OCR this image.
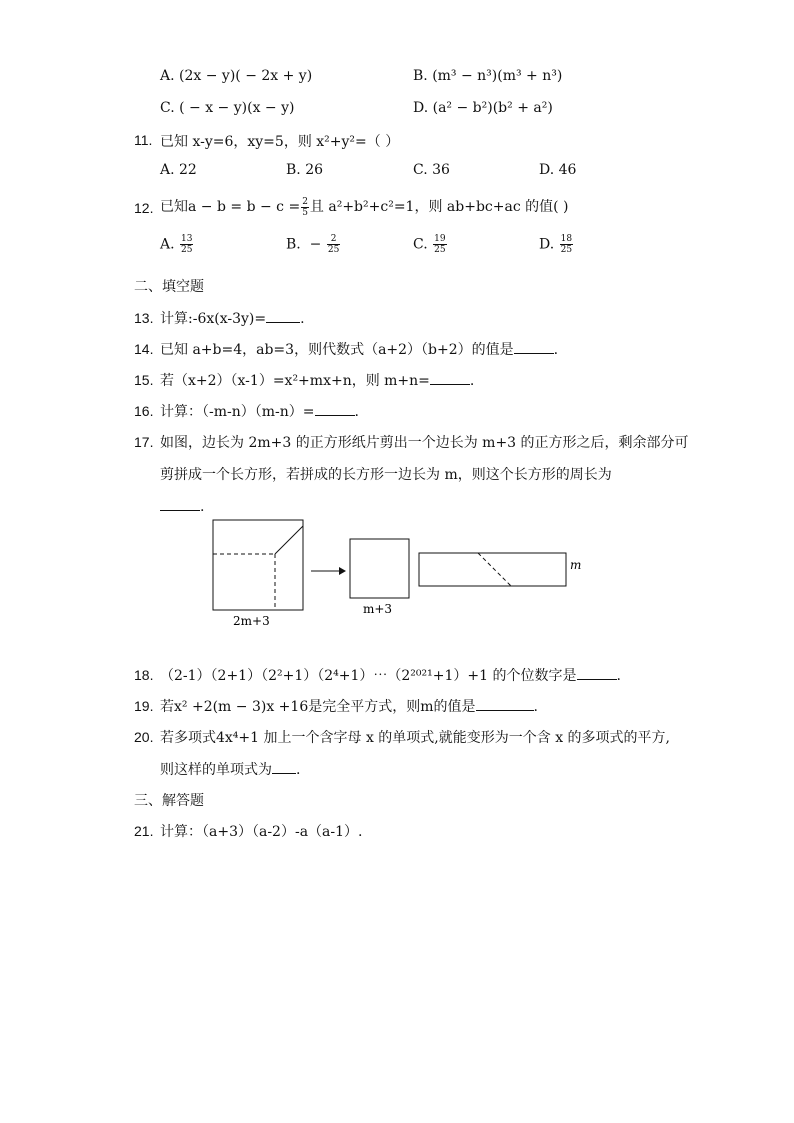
A. (2x − y)( − 2x + y)	B. (m³ − n³)(m³ + n³)
C. ( − x − y)(x − y)	D. (a² − b²)(b² + a²)
11. 已知 x-y=6，xy=5，则 x²+y²=（ ）
A. 22	B. 26	C. 36	D. 46
12. 已知$a - b = b - c = \frac{2}{5}$ 且 a²+b²+c²=1，则 ab+bc+ac 的值( )
A. $\frac{13}{25}$	B. − $\frac{2}{25}$	C. $\frac{19}{25}$	D. $\frac{18}{25}$
二、填空题
13. 计算:-6x(x-3y)= .
14. 已知 a+b=4，ab=3，则代数式（a+2）（b+2）的值是	.
15. 若（x+2）（x-1）=x²+mx+n，则 m+n=	.
16. 计算：（-m-n）（m-n）=	.
17. 如图，边长为 2m+3 的正方形纸片剪出一个边长为 m+3 的正方形之后，剩余部分可
剪拼成一个长方形，若拼成的长方形一边长为 m，则这个长方形的周长为
.
2m+3
m+3
m
18. （2-1）（2+1）（2²+1）（2⁴+1）⋯（2²⁰²¹+1）+1 的个位数字是	.
19. 若x² +2(m − 3)x +16是完全平方式，则m的值是	.
20. 若多项式4x⁴+1 加上一个含字母 x 的单项式,就能变形为一个含 x 的多项式的平方,
则这样的单项式为 .
三、解答题
21. 计算：（a+3）（a-2）-a（a-1）.
